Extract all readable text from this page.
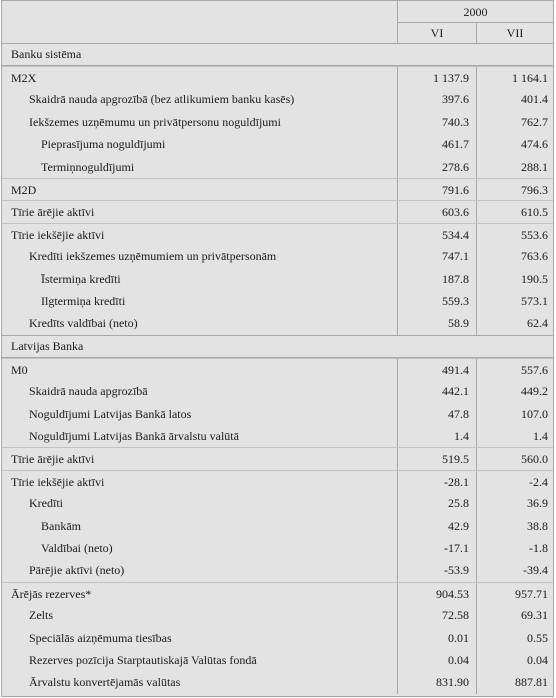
2000
VI	VII
Banku sistēma
M2X	1 137.9	1 164.1
Skaidrā nauda apgrozībā (bez atlikumiem banku kasēs)	397.6	401.4
Iekšzemes uzņēmumu un privātpersonu noguldījumi	740.3	762.7
Pieprasījuma noguldījumi	461.7	474.6
Termiņnoguldījumi	278.6	288.1
M2D	791.6	796.3
Tīrie ārējie aktīvi	603.6	610.5
Tīrie iekšējie aktīvi	534.4	553.6
Kredīti iekšzemes uzņēmumiem un privātpersonām	747.1	763.6
Īstermiņa kredīti	187.8	190.5
Ilgtermiņa kredīti	559.3	573.1
Kredīts valdībai (neto)	58.9	62.4
Latvijas Banka
M0	491.4	557.6
Skaidrā nauda apgrozībā	442.1	449.2
Noguldījumi Latvijas Bankā latos	47.8	107.0
Noguldījumi Latvijas Bankā ārvalstu valūtā	1.4	1.4
Tīrie ārējie aktīvi	519.5	560.0
Tīrie iekšējie aktīvi	-28.1	-2.4
Kredīti	25.8	36.9
Bankām	42.9	38.8
Valdībai (neto)	-17.1	-1.8
Pārējie aktīvi (neto)	-53.9	-39.4
Ārējās rezerves*	904.53	957.71
Zelts	72.58	69.31
Speciālās aizņēmuma tiesības	0.01	0.55
Rezerves pozīcija Starptautiskajā Valūtas fondā	0.04	0.04
Ārvalstu konvertējamās valūtas	831.90	887.81
